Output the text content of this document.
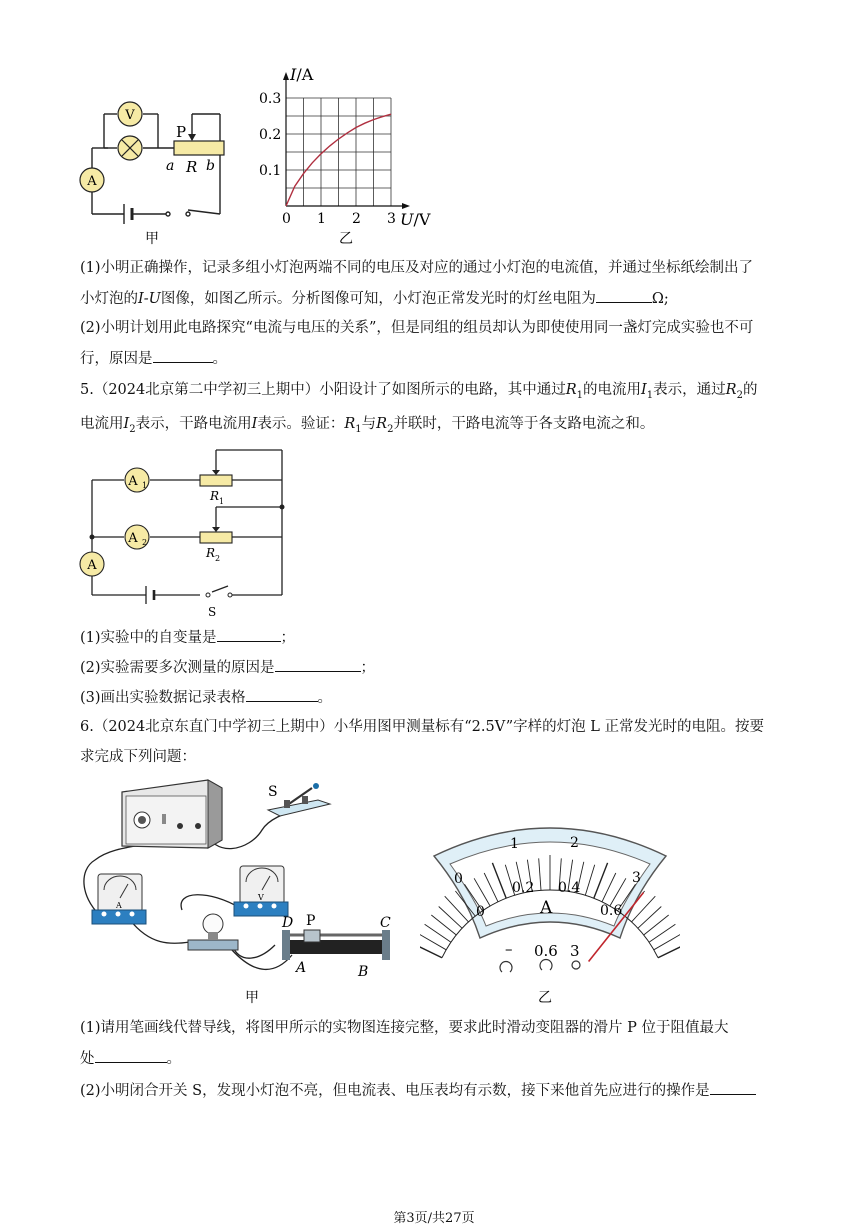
V
A
P
a R b
甲
0 1 2 3
0.1
0.2
0.3
I/A
U/V
乙
(1)小明正确操作，记录多组小灯泡两端不同的电压及对应的通过小灯泡的电流值，并通过坐标纸绘制出了
小灯泡的I-U图像，如图乙所示。分析图像可知，小灯泡正常发光时的灯丝电阻为	Ω;
(2)小明计划用此电路探究“电流与电压的关系”，但是同组的组员却认为即使使用同一盏灯完成实验也不可
行，原因是	。
5.（2024北京第二中学初三上期中）小阳设计了如图所示的电路，其中通过$R_1$的电流用$I_1$表示，通过$R_2$的
电流用$I_2$表示，干路电流用I表示。验证：$R_1$与$R_2$并联时，干路电流等于各支路电流之和。
A 1
A 2
A
R 1
R 2
S
(1)实验中的自变量是	；
(2)实验需要多次测量的原因是	；
(3)画出实验数据记录表格	。
6.（2024北京东直门中学初三上期中）小华用图甲测量标有“2.5V”字样的灯泡 L 正常发光时的电阻。按要
求完成下列问题：
S
A
V
D P	C
A	B
甲
0
1	2
3
0
0.2 0.4
0.6
A
– 0.6 3
乙
(1)请用笔画线代替导线，将图甲所示的实物图连接完整，要求此时滑动变阻器的滑片 P 位于阻值最大
处	。
(2)小明闭合开关 S，发现小灯泡不亮，但电流表、电压表均有示数，接下来他首先应进行的操作是
第3页/共27页
